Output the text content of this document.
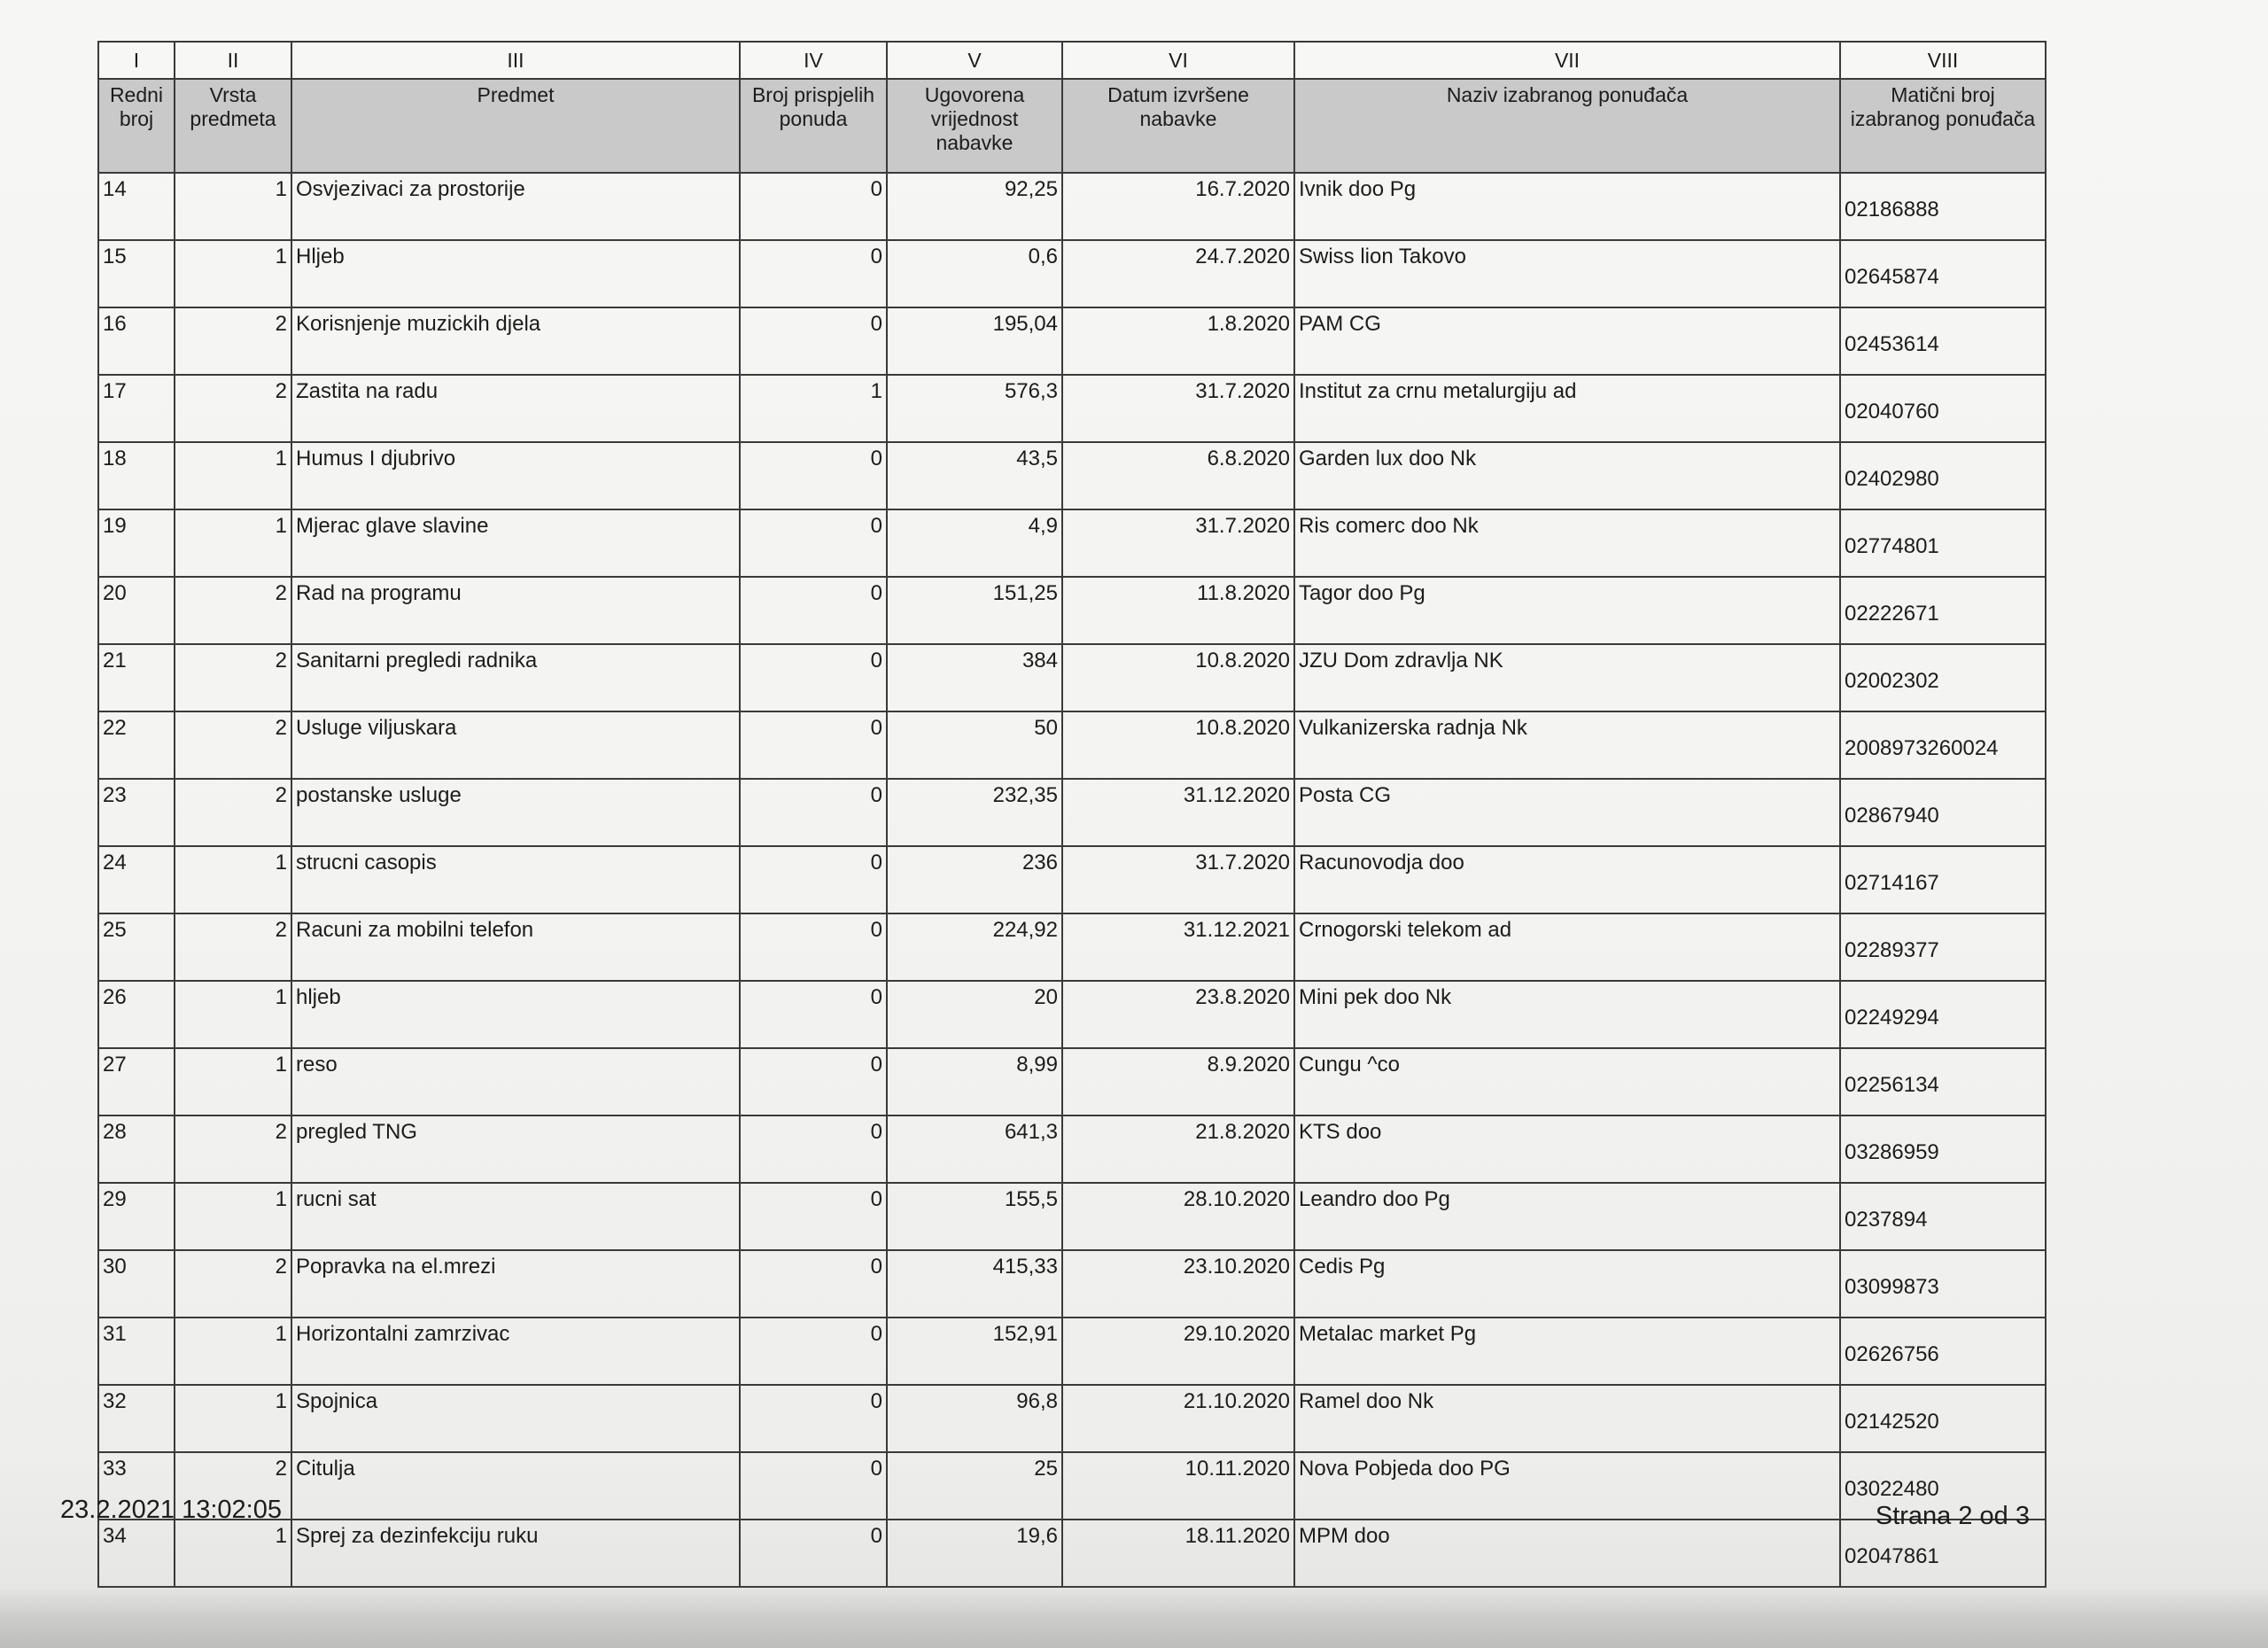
I	II	III	IV	V	VI	VII	VIII
Redni broj	Vrsta predmeta	Predmet	Broj prispjelih ponuda	Ugovorena vrijednost nabavke	Datum izvršene nabavke	Naziv izabranog ponuđača	Matični broj izabranog ponuđača
14	1	Osvjezivaci za prostorije	0	92,25	16.7.2020	Ivnik doo Pg	02186888
15	1	Hljeb	0	0,6	24.7.2020	Swiss lion Takovo	02645874
16	2	Korisnjenje muzickih djela	0	195,04	1.8.2020	PAM CG	02453614
17	2	Zastita na radu	1	576,3	31.7.2020	Institut za crnu metalurgiju ad	02040760
18	1	Humus I djubrivo	0	43,5	6.8.2020	Garden lux doo Nk	02402980
19	1	Mjerac glave slavine	0	4,9	31.7.2020	Ris comerc doo Nk	02774801
20	2	Rad na programu	0	151,25	11.8.2020	Tagor doo Pg	02222671
21	2	Sanitarni pregledi radnika	0	384	10.8.2020	JZU Dom zdravlja NK	02002302
22	2	Usluge viljuskara	0	50	10.8.2020	Vulkanizerska radnja Nk	2008973260024
23	2	postanske usluge	0	232,35	31.12.2020	Posta CG	02867940
24	1	strucni casopis	0	236	31.7.2020	Racunovodja doo	02714167
25	2	Racuni za mobilni telefon	0	224,92	31.12.2021	Crnogorski telekom ad	02289377
26	1	hljeb	0	20	23.8.2020	Mini pek doo Nk	02249294
27	1	reso	0	8,99	8.9.2020	Cungu ^co	02256134
28	2	pregled TNG	0	641,3	21.8.2020	KTS doo	03286959
29	1	rucni sat	0	155,5	28.10.2020	Leandro doo Pg	0237894
30	2	Popravka na el.mrezi	0	415,33	23.10.2020	Cedis Pg	03099873
31	1	Horizontalni zamrzivac	0	152,91	29.10.2020	Metalac market Pg	02626756
32	1	Spojnica	0	96,8	21.10.2020	Ramel doo Nk	02142520
33	2	Citulja	0	25	10.11.2020	Nova Pobjeda doo PG	03022480
34	1	Sprej za dezinfekciju ruku	0	19,6	18.11.2020	MPM doo	02047861
23.2.2021 13:02:05	Strana 2 od 3
